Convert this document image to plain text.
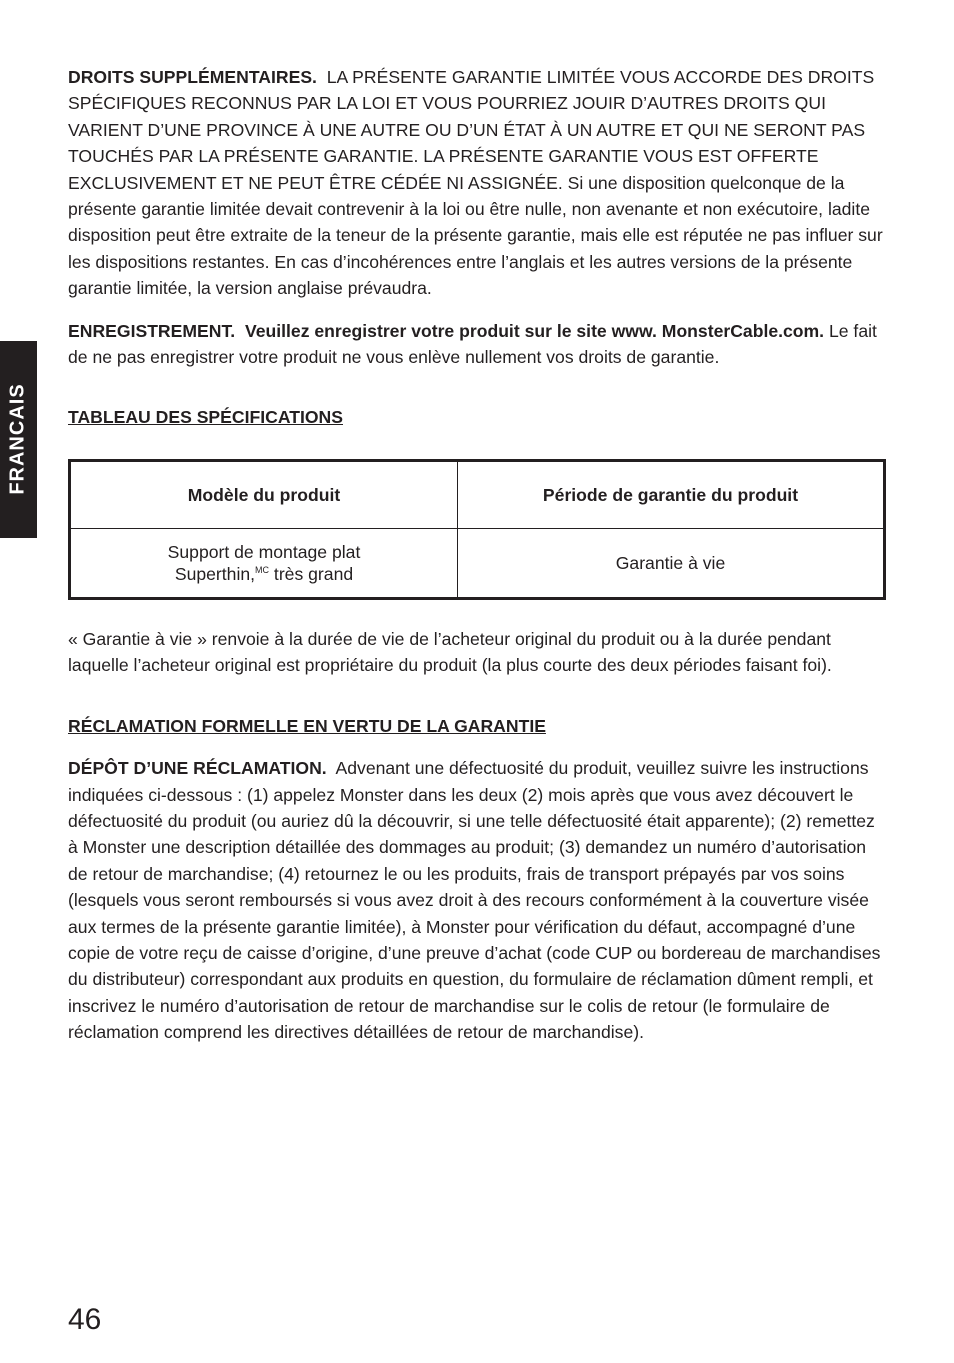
FRANCAIS

DROITS SUPPLÉMENTAIRES. LA PRÉSENTE GARANTIE LIMITÉE VOUS ACCORDE DES DROITS SPÉCIFIQUES RECONNUS PAR LA LOI ET VOUS POURRIEZ JOUIR D’AUTRES DROITS QUI VARIENT D’UNE PROVINCE À UNE AUTRE OU D’UN ÉTAT À UN AUTRE ET QUI NE SERONT PAS TOUCHÉS PAR LA PRÉSENTE GARANTIE. LA PRÉSENTE GARANTIE VOUS EST OFFERTE EXCLUSIVEMENT ET NE PEUT ÊTRE CÉDÉE NI ASSIGNÉE. Si une disposition quelconque de la présente garantie limitée devait contrevenir à la loi ou être nulle, non avenante et non exécutoire, ladite disposition peut être extraite de la teneur de la présente garantie, mais elle est réputée ne pas influer sur les dispositions restantes. En cas d’incohérences entre l’anglais et les autres versions de la présente garantie limitée, la version anglaise prévaudra.

ENREGISTREMENT. Veuillez enregistrer votre produit sur le site www. MonsterCable.com. Le fait de ne pas enregistrer votre produit ne vous enlève nullement vos droits de garantie.

TABLEAU DES SPÉCIFICATIONS
Modèle du produit	Période de garantie du produit
Support de montage plat
Superthin,$^{MC}$ très grand	Garantie à vie

« Garantie à vie » renvoie à la durée de vie de l’acheteur original du produit ou à la durée pendant laquelle l’acheteur original est propriétaire du produit (la plus courte des deux périodes faisant foi).

RÉCLAMATION FORMELLE EN VERTU DE LA GARANTIE

DÉPÔT D’UNE RÉCLAMATION. Advenant une défectuosité du produit, veuillez suivre les instructions indiquées ci-dessous : (1) appelez Monster dans les deux (2) mois après que vous avez découvert le défectuosité du produit (ou auriez dû la découvrir, si une telle défectuosité était apparente); (2) remettez à Monster une description détaillée des dommages au produit; (3) demandez un numéro d’autorisation de retour de marchandise; (4) retournez le ou les produits, frais de transport prépayés par vos soins (lesquels vous seront remboursés si vous avez droit à des recours conformément à la couverture visée aux termes de la présente garantie limitée), à Monster pour vérification du défaut, accompagné d’une copie de votre reçu de caisse d’origine, d’une preuve d’achat (code CUP ou bordereau de marchandises du distributeur) correspondant aux produits en question, du formulaire de réclamation dûment rempli, et inscrivez le numéro d’autorisation de retour de marchandise sur le colis de retour (le formulaire de réclamation comprend les directives détaillées de retour de marchandise).

46
